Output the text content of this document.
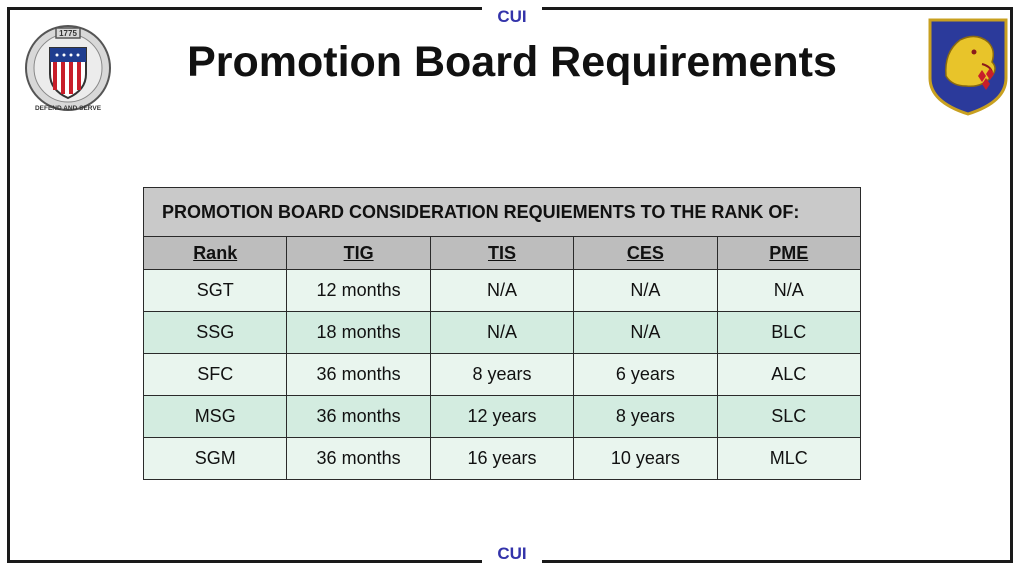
CUI
CUI
1775
DEFEND AND SERVE
Promotion Board Requirements
PROMOTION BOARD CONSIDERATION REQUIEMENTS TO THE RANK OF:				
Rank	TIG	TIS	CES	PME
SGT	12 months	N/A	N/A	N/A
SSG	18 months	N/A	N/A	BLC
SFC	36 months	8 years	6 years	ALC
MSG	36 months	12 years	8 years	SLC
SGM	36 months	16 years	10 years	MLC
